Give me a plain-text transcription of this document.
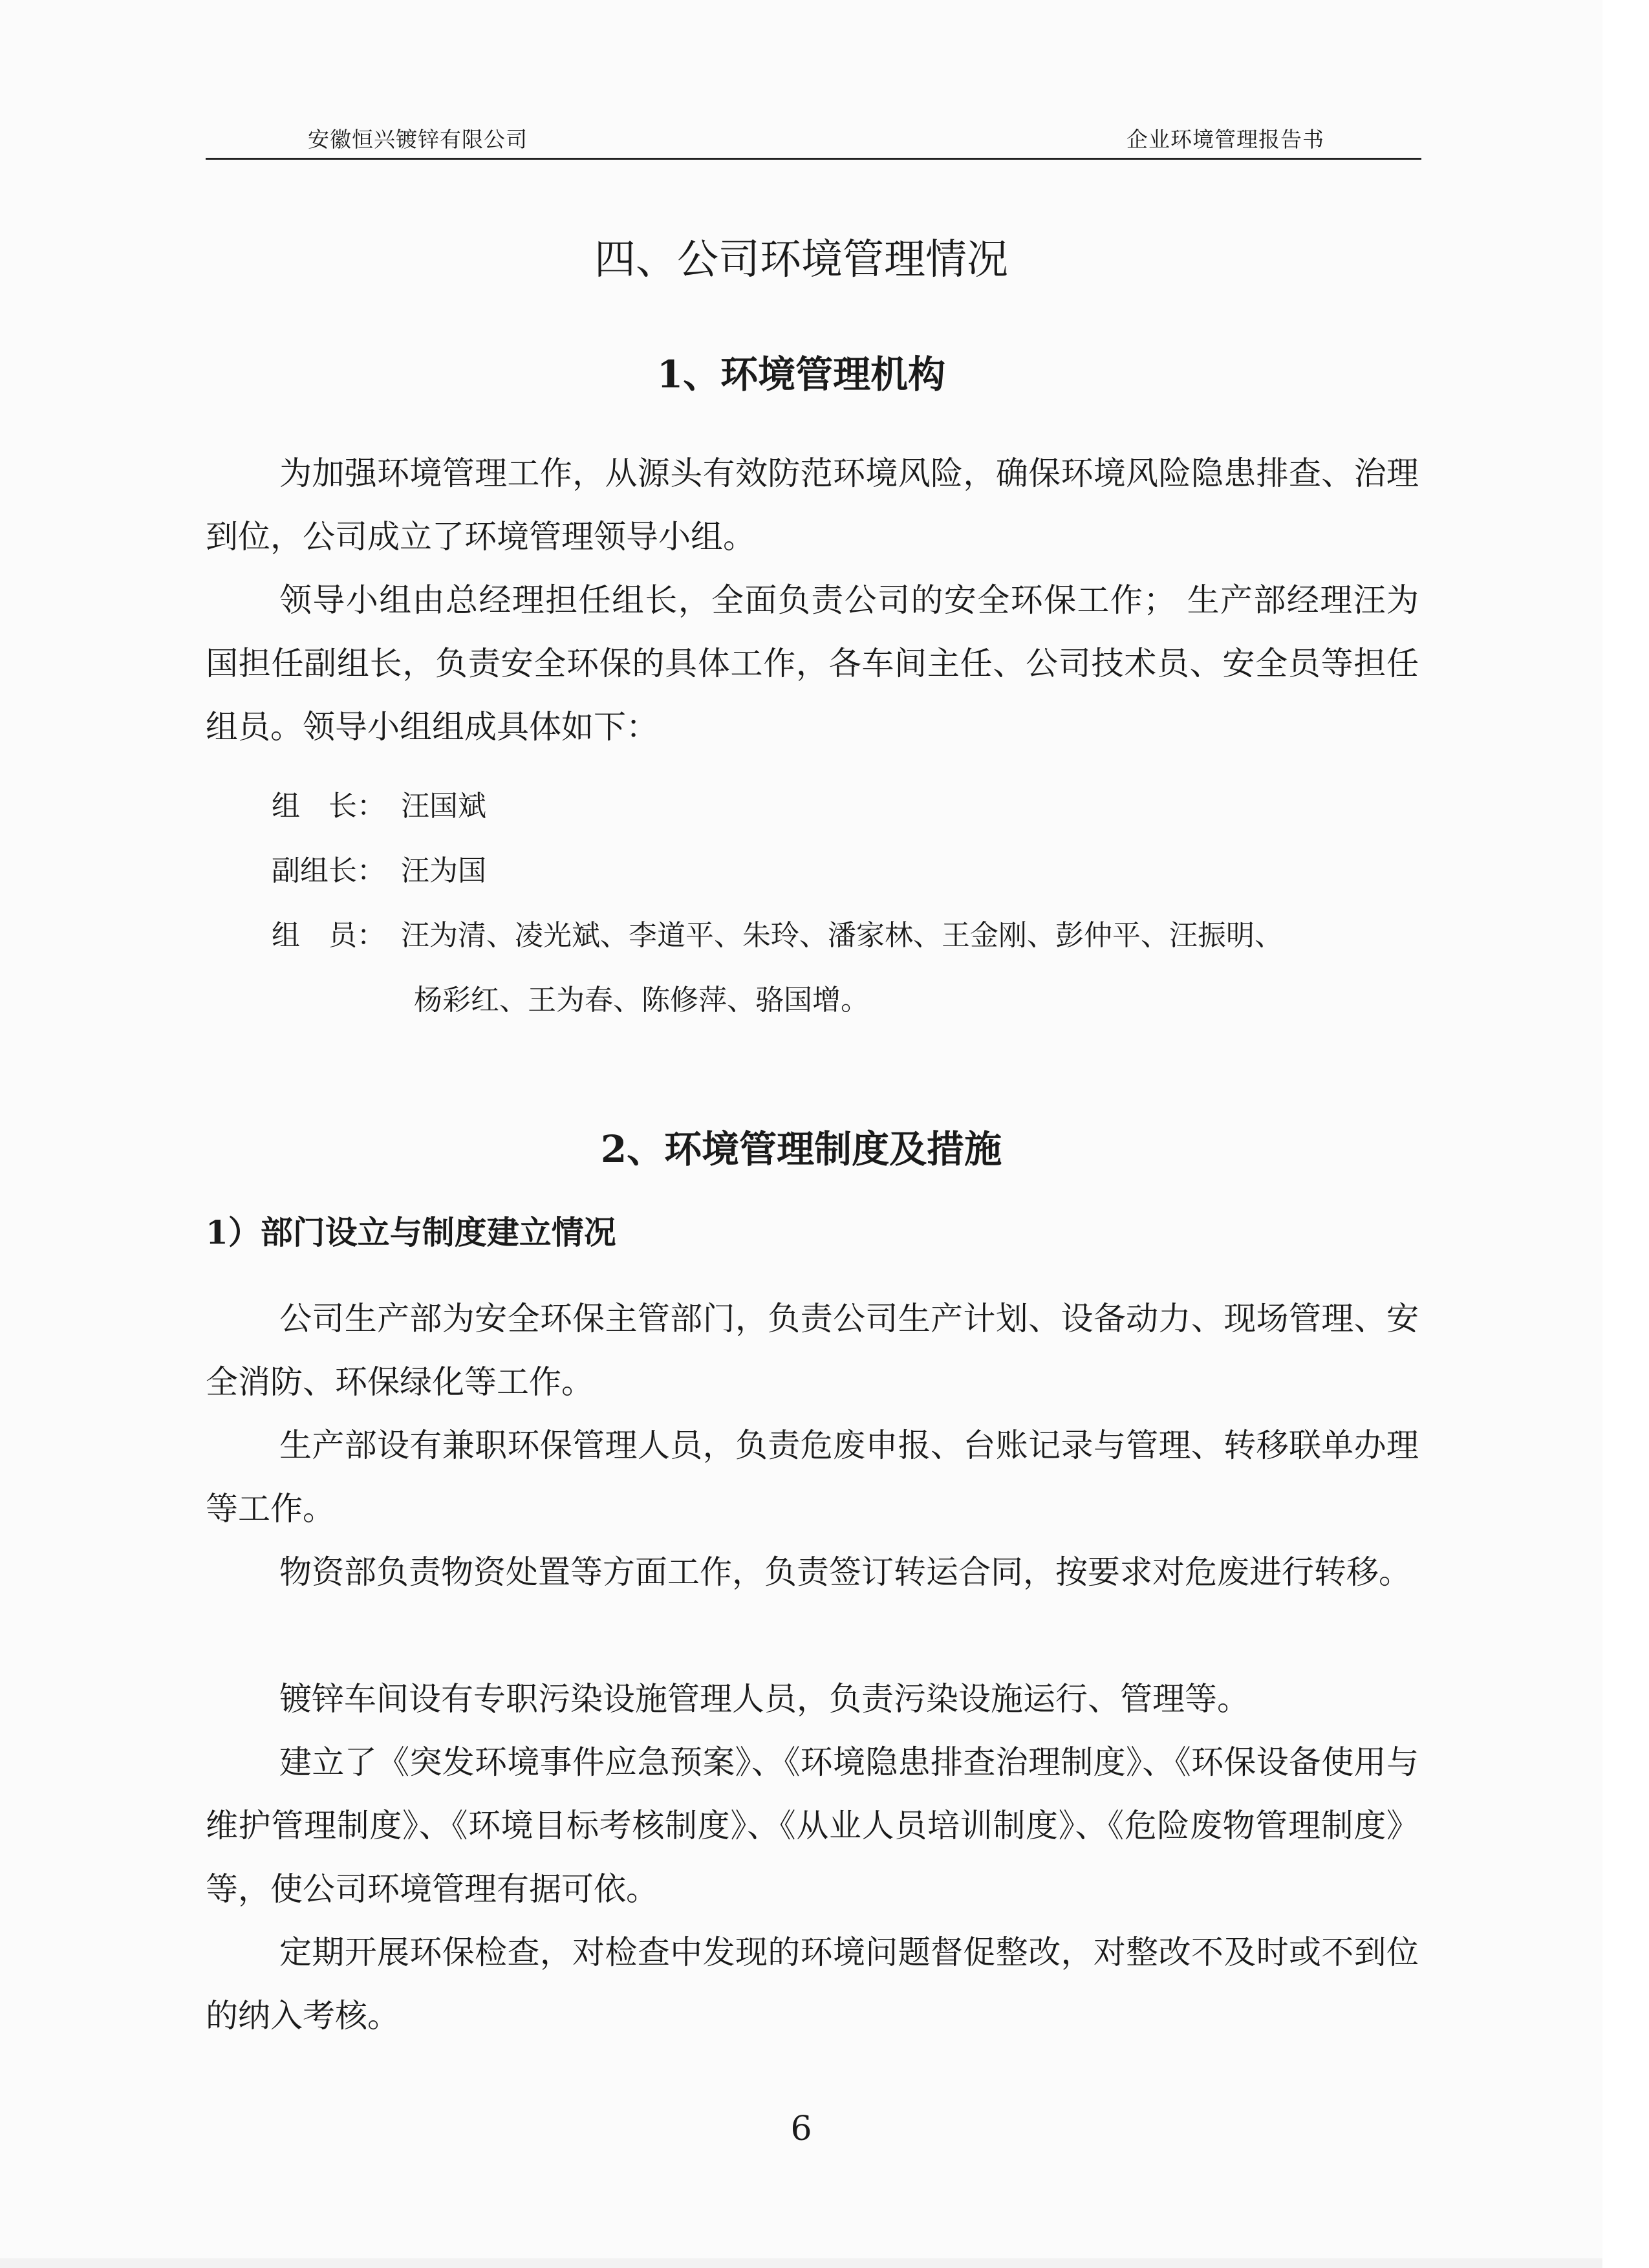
安徽恒兴镀锌有限公司	企业环境管理报告书
四、公司环境管理情况
1、环境管理机构

为加强环境管理工作，从源头有效防范环境风险，确保环境风险隐患排查、治理到位，公司成立了环境管理领导小组。

领导小组由总经理担任组长，全面负责公司的安全环保工作； 生产部经理汪为国担任副组长，负责安全环保的具体工作，各车间主任、公司技术员、安全员等担任组员。领导小组组成具体如下：

组　长： 汪国斌
副组长： 汪为国
组　员： 汪为清、凌光斌、李道平、朱玲、潘家林、王金刚、彭仲平、汪振明、
杨彩红、王为春、陈修萍、骆国增。
2、环境管理制度及措施
1）部门设立与制度建立情况

公司生产部为安全环保主管部门，负责公司生产计划、设备动力、现场管理、安全消防、环保绿化等工作。

生产部设有兼职环保管理人员，负责危废申报、台账记录与管理、转移联单办理等工作。

物资部负责物资处置等方面工作，负责签订转运合同，按要求对危废进行转移。

镀锌车间设有专职污染设施管理人员，负责污染设施运行、管理等。

建立了《突发环境事件应急预案》、《环境隐患排查治理制度》、《环保设备使用与维护管理制度》、《环境目标考核制度》、《从业人员培训制度》、《危险废物管理制度》等，使公司环境管理有据可依。

定期开展环保检查，对检查中发现的环境问题督促整改，对整改不及时或不到位的纳入考核。

6
